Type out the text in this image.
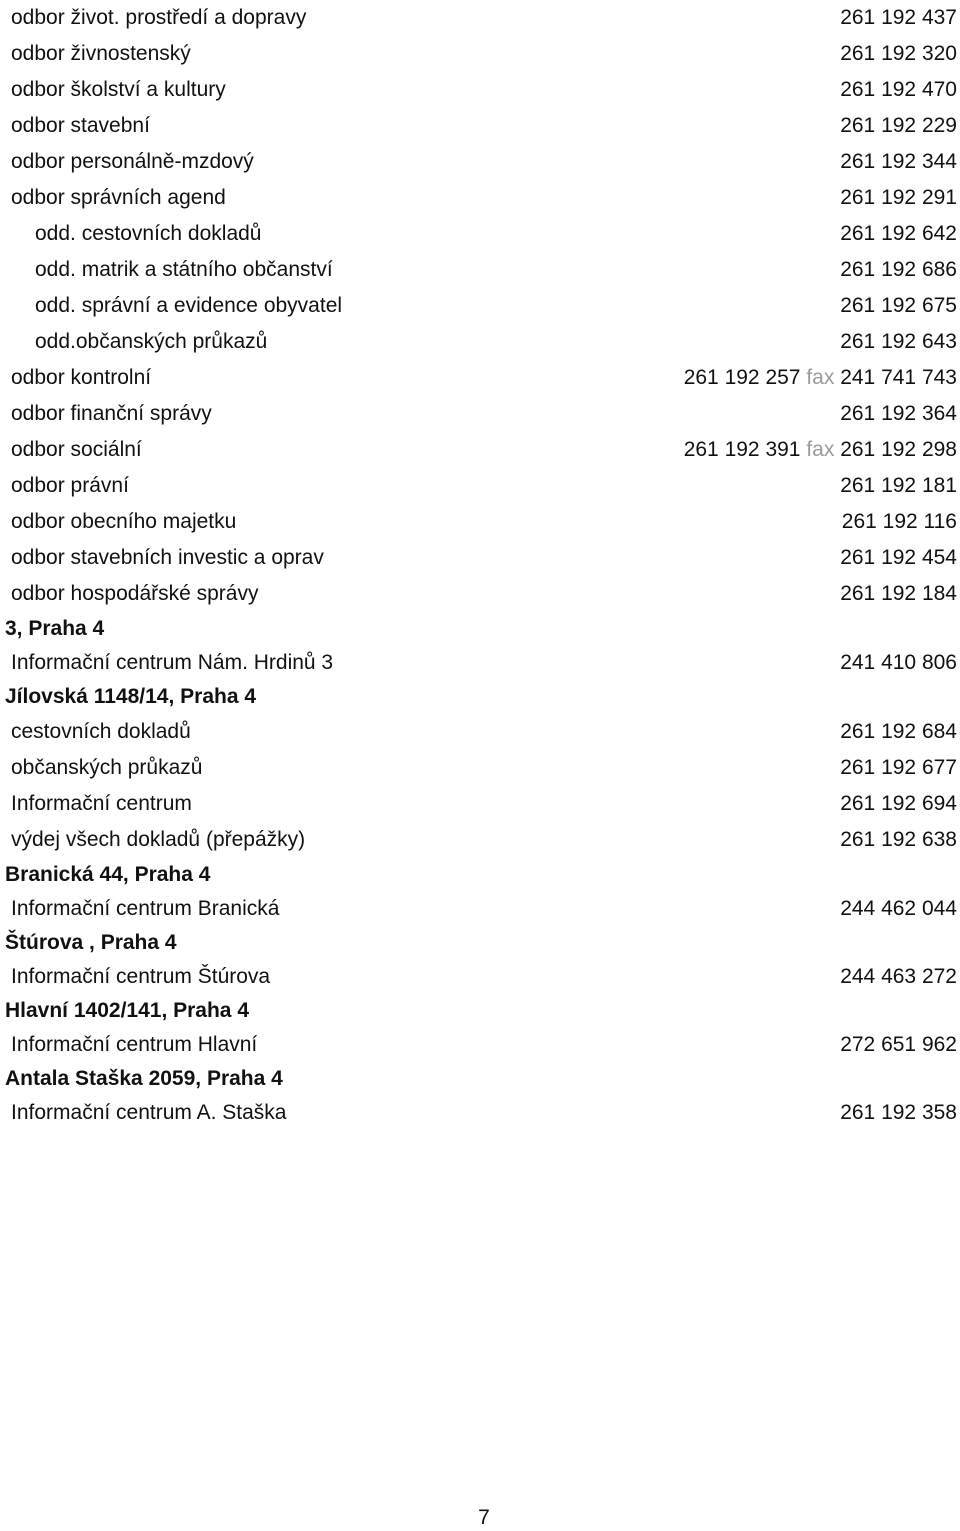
odbor život. prostředí a dopravy	261 192 437
odbor živnostenský	261 192 320
odbor školství a kultury	261 192 470
odbor stavební	261 192 229
odbor personálně-mzdový	261 192 344
odbor správních agend	261 192 291
odd. cestovních dokladů	261 192 642
odd. matrik a státního občanství	261 192 686
odd. správní a evidence obyvatel	261 192 675
odd.občanských průkazů	261 192 643
odbor kontrolní	261 192 257 fax 241 741 743
odbor finanční správy	261 192 364
odbor sociální	261 192 391 fax 261 192 298
odbor právní	261 192 181
odbor obecního majetku	261 192 116
odbor stavebních investic a oprav	261 192 454
odbor hospodářské správy	261 192 184
3, Praha 4
Informační centrum Nám. Hrdinů 3	241 410 806
Jílovská 1148/14, Praha 4
cestovních dokladů	261 192 684
občanských průkazů	261 192 677
Informační centrum	261 192 694
výdej všech dokladů (přepážky)	261 192 638
Branická 44, Praha 4
Informační centrum Branická	244 462 044
Štúrova , Praha 4
Informační centrum Štúrova	244 463 272
Hlavní 1402/141, Praha 4
Informační centrum Hlavní	272 651 962
Antala Staška 2059, Praha 4
Informační centrum A. Staška	261 192 358
7
